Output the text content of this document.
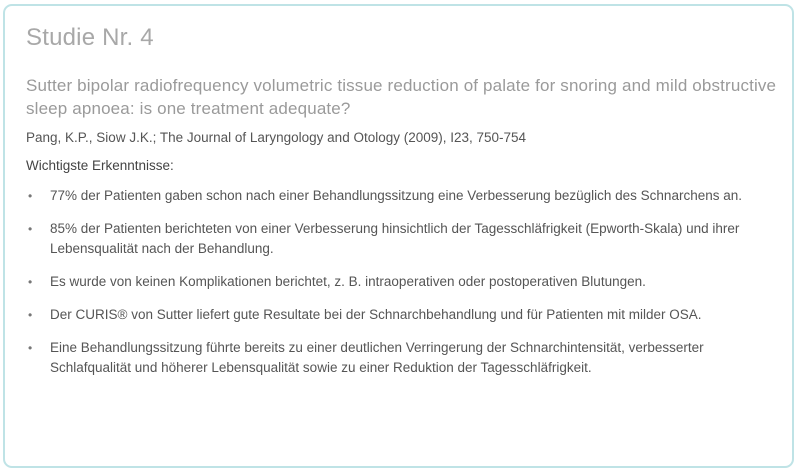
Studie Nr. 4
Sutter bipolar radiofrequency volumetric tissue reduction of palate for snoring and mild obstructive sleep apnoea: is one treatment adequate?
Pang, K.P., Siow J.K.; The Journal of Laryngology and Otology (2009), I23, 750-754
Wichtigste Erkenntnisse:
• 77% der Patienten gaben schon nach einer Behandlungssitzung eine Verbesserung bezüglich des Schnarchens an.
• 85% der Patienten berichteten von einer Verbesserung hinsichtlich der Tagesschläfrigkeit (Epworth-Skala) und ihrer Lebensqualität nach der Behandlung.
• Es wurde von keinen Komplikationen berichtet, z. B. intraoperativen oder postoperativen Blutungen.
• Der CURIS® von Sutter liefert gute Resultate bei der Schnarchbehandlung und für Patienten mit milder OSA.
• Eine Behandlungssitzung führte bereits zu einer deutlichen Verringerung der Schnarchintensität, verbesserter Schlafqualität und höherer Lebensqualität sowie zu einer Reduktion der Tagesschläfrigkeit.
